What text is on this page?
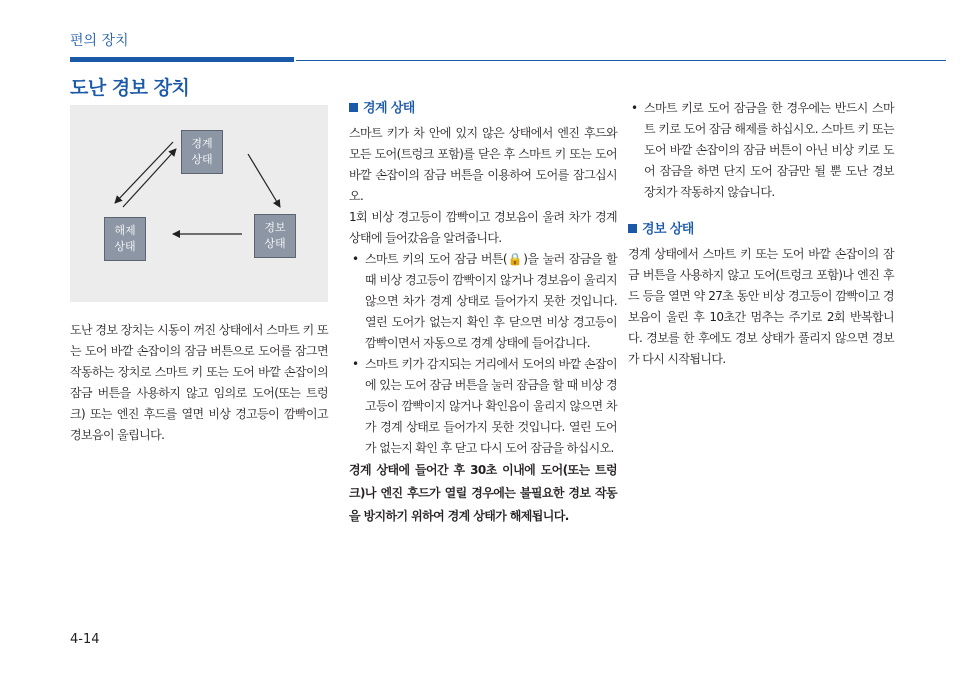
편의 장치
도난 경보 장치
경계
상태
해제
상태
경보
상태

도난 경보 장치는 시동이 꺼진 상태에서 스마트 키 또는 도어 바깥 손잡이의 잠금 버튼으로 도어를 잠그면 작동하는 장치로 스마트 키 또는 도어 바깥 손잡이의 잠금 버튼을 사용하지 않고 임의로 도어(또는 트렁크) 또는 엔진 후드를 열면 비상 경고등이 깜빡이고 경보음이 울립니다.

경계 상태

스마트 키가 차 안에 있지 않은 상태에서 엔진 후드와 모든 도어(트렁크 포함)를 닫은 후 스마트 키 또는 도어 바깥 손잡이의 잠금 버튼을 이용하여 도어를 잠그십시오.

1회 비상 경고등이 깜빡이고 경보음이 울려 차가 경계 상태에 들어갔음을 알려줍니다.

• 스마트 키의 도어 잠금 버튼(🔒)을 눌러 잠금을 할 때 비상 경고등이 깜빡이지 않거나 경보음이 울리지 않으면 차가 경계 상태로 들어가지 못한 것입니다. 열린 도어가 없는지 확인 후 닫으면 비상 경고등이 깜빡이면서 자동으로 경계 상태에 들어갑니다.
• 스마트 키가 감지되는 거리에서 도어의 바깥 손잡이에 있는 도어 잠금 버튼을 눌러 잠금을 할 때 비상 경고등이 깜빡이지 않거나 확인음이 울리지 않으면 차가 경계 상태로 들어가지 못한 것입니다. 열린 도어가 없는지 확인 후 닫고 다시 도어 잠금을 하십시오.

경계 상태에 들어간 후 30초 이내에 도어(또는 트렁크)나 엔진 후드가 열릴 경우에는 불필요한 경보 작동을 방지하기 위하여 경계 상태가 해제됩니다.

• 스마트 키로 도어 잠금을 한 경우에는 반드시 스마트 키로 도어 잠금 해제를 하십시오. 스마트 키 또는 도어 바깥 손잡이의 잠금 버튼이 아닌 비상 키로 도어 잠금을 하면 단지 도어 잠금만 될 뿐 도난 경보 장치가 작동하지 않습니다.
경보 상태

경계 상태에서 스마트 키 또는 도어 바깥 손잡이의 잠금 버튼을 사용하지 않고 도어(트렁크 포함)나 엔진 후드 등을 열면 약 27초 동안 비상 경고등이 깜빡이고 경보음이 울린 후 10초간 멈추는 주기로 2회 반복합니다. 경보를 한 후에도 경보 상태가 풀리지 않으면 경보가 다시 시작됩니다.

4-14
